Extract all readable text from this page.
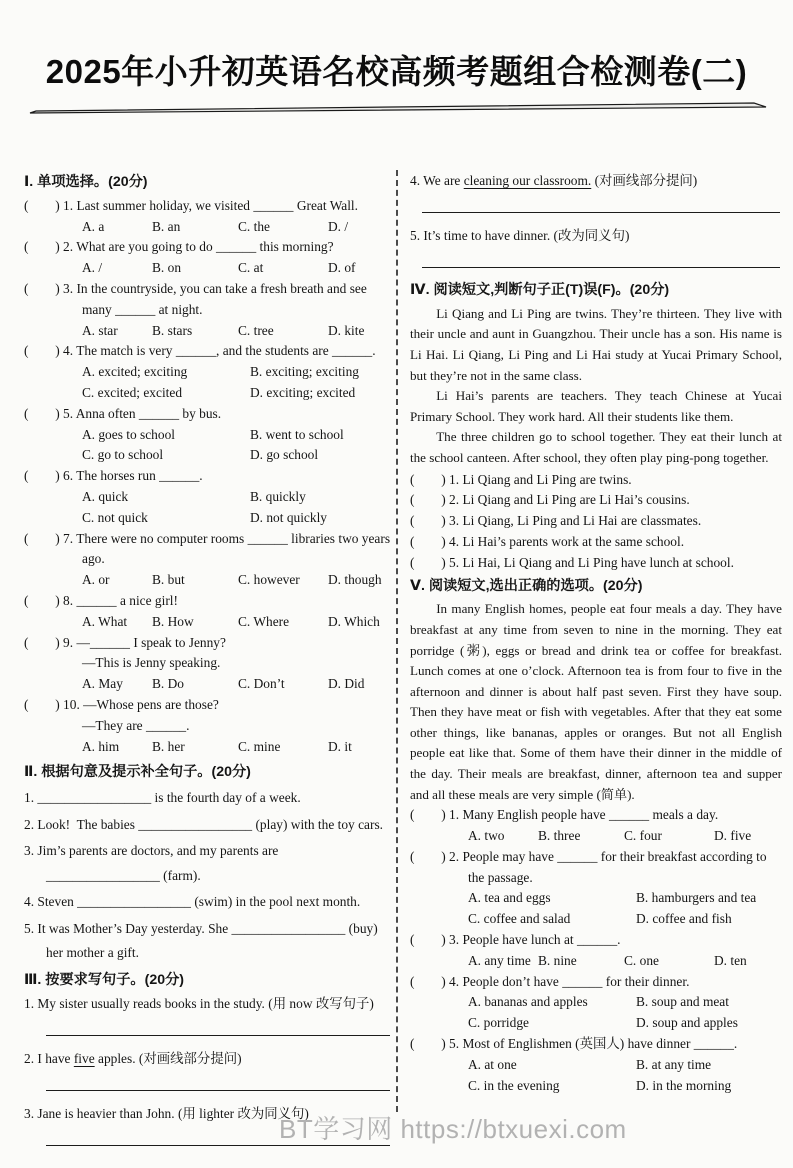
2025年小升初英语名校高频考题组合检测卷(二)
Ⅰ. 单项选择。(20分)
(        ) 1. Last summer holiday, we visited ______ Great Wall.
A. a	B. an	C. the	D. /
(        ) 2. What are you going to do ______ this morning?
A. /	B. on	C. at	D. of
(        ) 3. In the countryside, you can take a fresh breath and see many ______ at night.
A. star	B. stars	C. tree	D. kite
(        ) 4. The match is very ______, and the students are ______.
A. excited; exciting	B. exciting; exciting
C. excited; excited	D. exciting; excited
(        ) 5. Anna often ______ by bus.
A. goes to school	B. went to school
C. go to school	D. go school
(        ) 6. The horses run ______.
A. quick	B. quickly
C. not quick	D. not quickly
(        ) 7. There were no computer rooms ______ libraries two years ago.
A. or	B. but	C. however	D. though
(        ) 8. ______ a nice girl!
A. What	B. How	C. Where	D. Which
(        ) 9. —______ I speak to Jenny?
—This is Jenny speaking.
A. May	B. Do	C. Don’t	D. Did
(        ) 10. —Whose pens are those?
—They are ______.
A. him	B. her	C. mine	D. it
Ⅱ. 根据句意及提示补全句子。(20分)
1. _________________ is the fourth day of a week.
2. Look!  The babies _________________ (play) with the toy cars.
3. Jim’s parents are doctors, and my parents are _________________ (farm).
4. Steven _________________ (swim) in the pool next month.
5. It was Mother’s Day yesterday. She _________________ (buy) her mother a gift.
Ⅲ. 按要求写句子。(20分)
1. My sister usually reads books in the study. (用 now 改写句子)
2. I have five apples. (对画线部分提问)
3. Jane is heavier than John. (用 lighter 改为同义句)
4. We are cleaning our classroom. (对画线部分提问)
5. It’s time to have dinner. (改为同义句)
Ⅳ. 阅读短文,判断句子正(T)误(F)。(20分)

Li Qiang and Li Ping are twins. They’re thirteen. They live with their uncle and aunt in Guangzhou. Their uncle has a son. His name is Li Hai. Li Qiang, Li Ping and Li Hai study at Yucai Primary School, but they’re not in the same class.

Li Hai’s parents are teachers. They teach Chinese at Yucai Primary School. They work hard. All their students like them.

The three children go to school together. They eat their lunch at the school canteen. After school, they often play ping-pong together.

(        ) 1. Li Qiang and Li Ping are twins.
(        ) 2. Li Qiang and Li Ping are Li Hai’s cousins.
(        ) 3. Li Qiang, Li Ping and Li Hai are classmates.
(        ) 4. Li Hai’s parents work at the same school.
(        ) 5. Li Hai, Li Qiang and Li Ping have lunch at school.
Ⅴ. 阅读短文,选出正确的选项。(20分)

In many English homes, people eat four meals a day. They have breakfast at any time from seven to nine in the morning. They eat porridge (粥), eggs or bread and drink tea or coffee for breakfast. Lunch comes at one o’clock. Afternoon tea is from four to five in the afternoon and dinner is about half past seven. First they have soup. Then they have meat or fish with vegetables. After that they eat some other things, like bananas, apples or oranges. But not all English people eat like that. Some of them have their dinner in the middle of the day. Their meals are breakfast, dinner, afternoon tea and supper and all these meals are very simple (简单).

(        ) 1. Many English people have ______ meals a day.
A. two	B. three	C. four	D. five
(        ) 2. People may have ______ for their breakfast according to the passage.
A. tea and eggs	B. hamburgers and tea
C. coffee and salad	D. coffee and fish
(        ) 3. People have lunch at ______.
A. any time B. nine	C. one	D. ten
(        ) 4. People don’t have ______ for their dinner.
A. bananas and apples	B. soup and meat
C. porridge	D. soup and apples
(        ) 5. Most of Englishmen (英国人) have dinner ______.
A. at one	B. at any time
C. in the evening	D. in the morning
BT学习网 https://btxuexi.com
